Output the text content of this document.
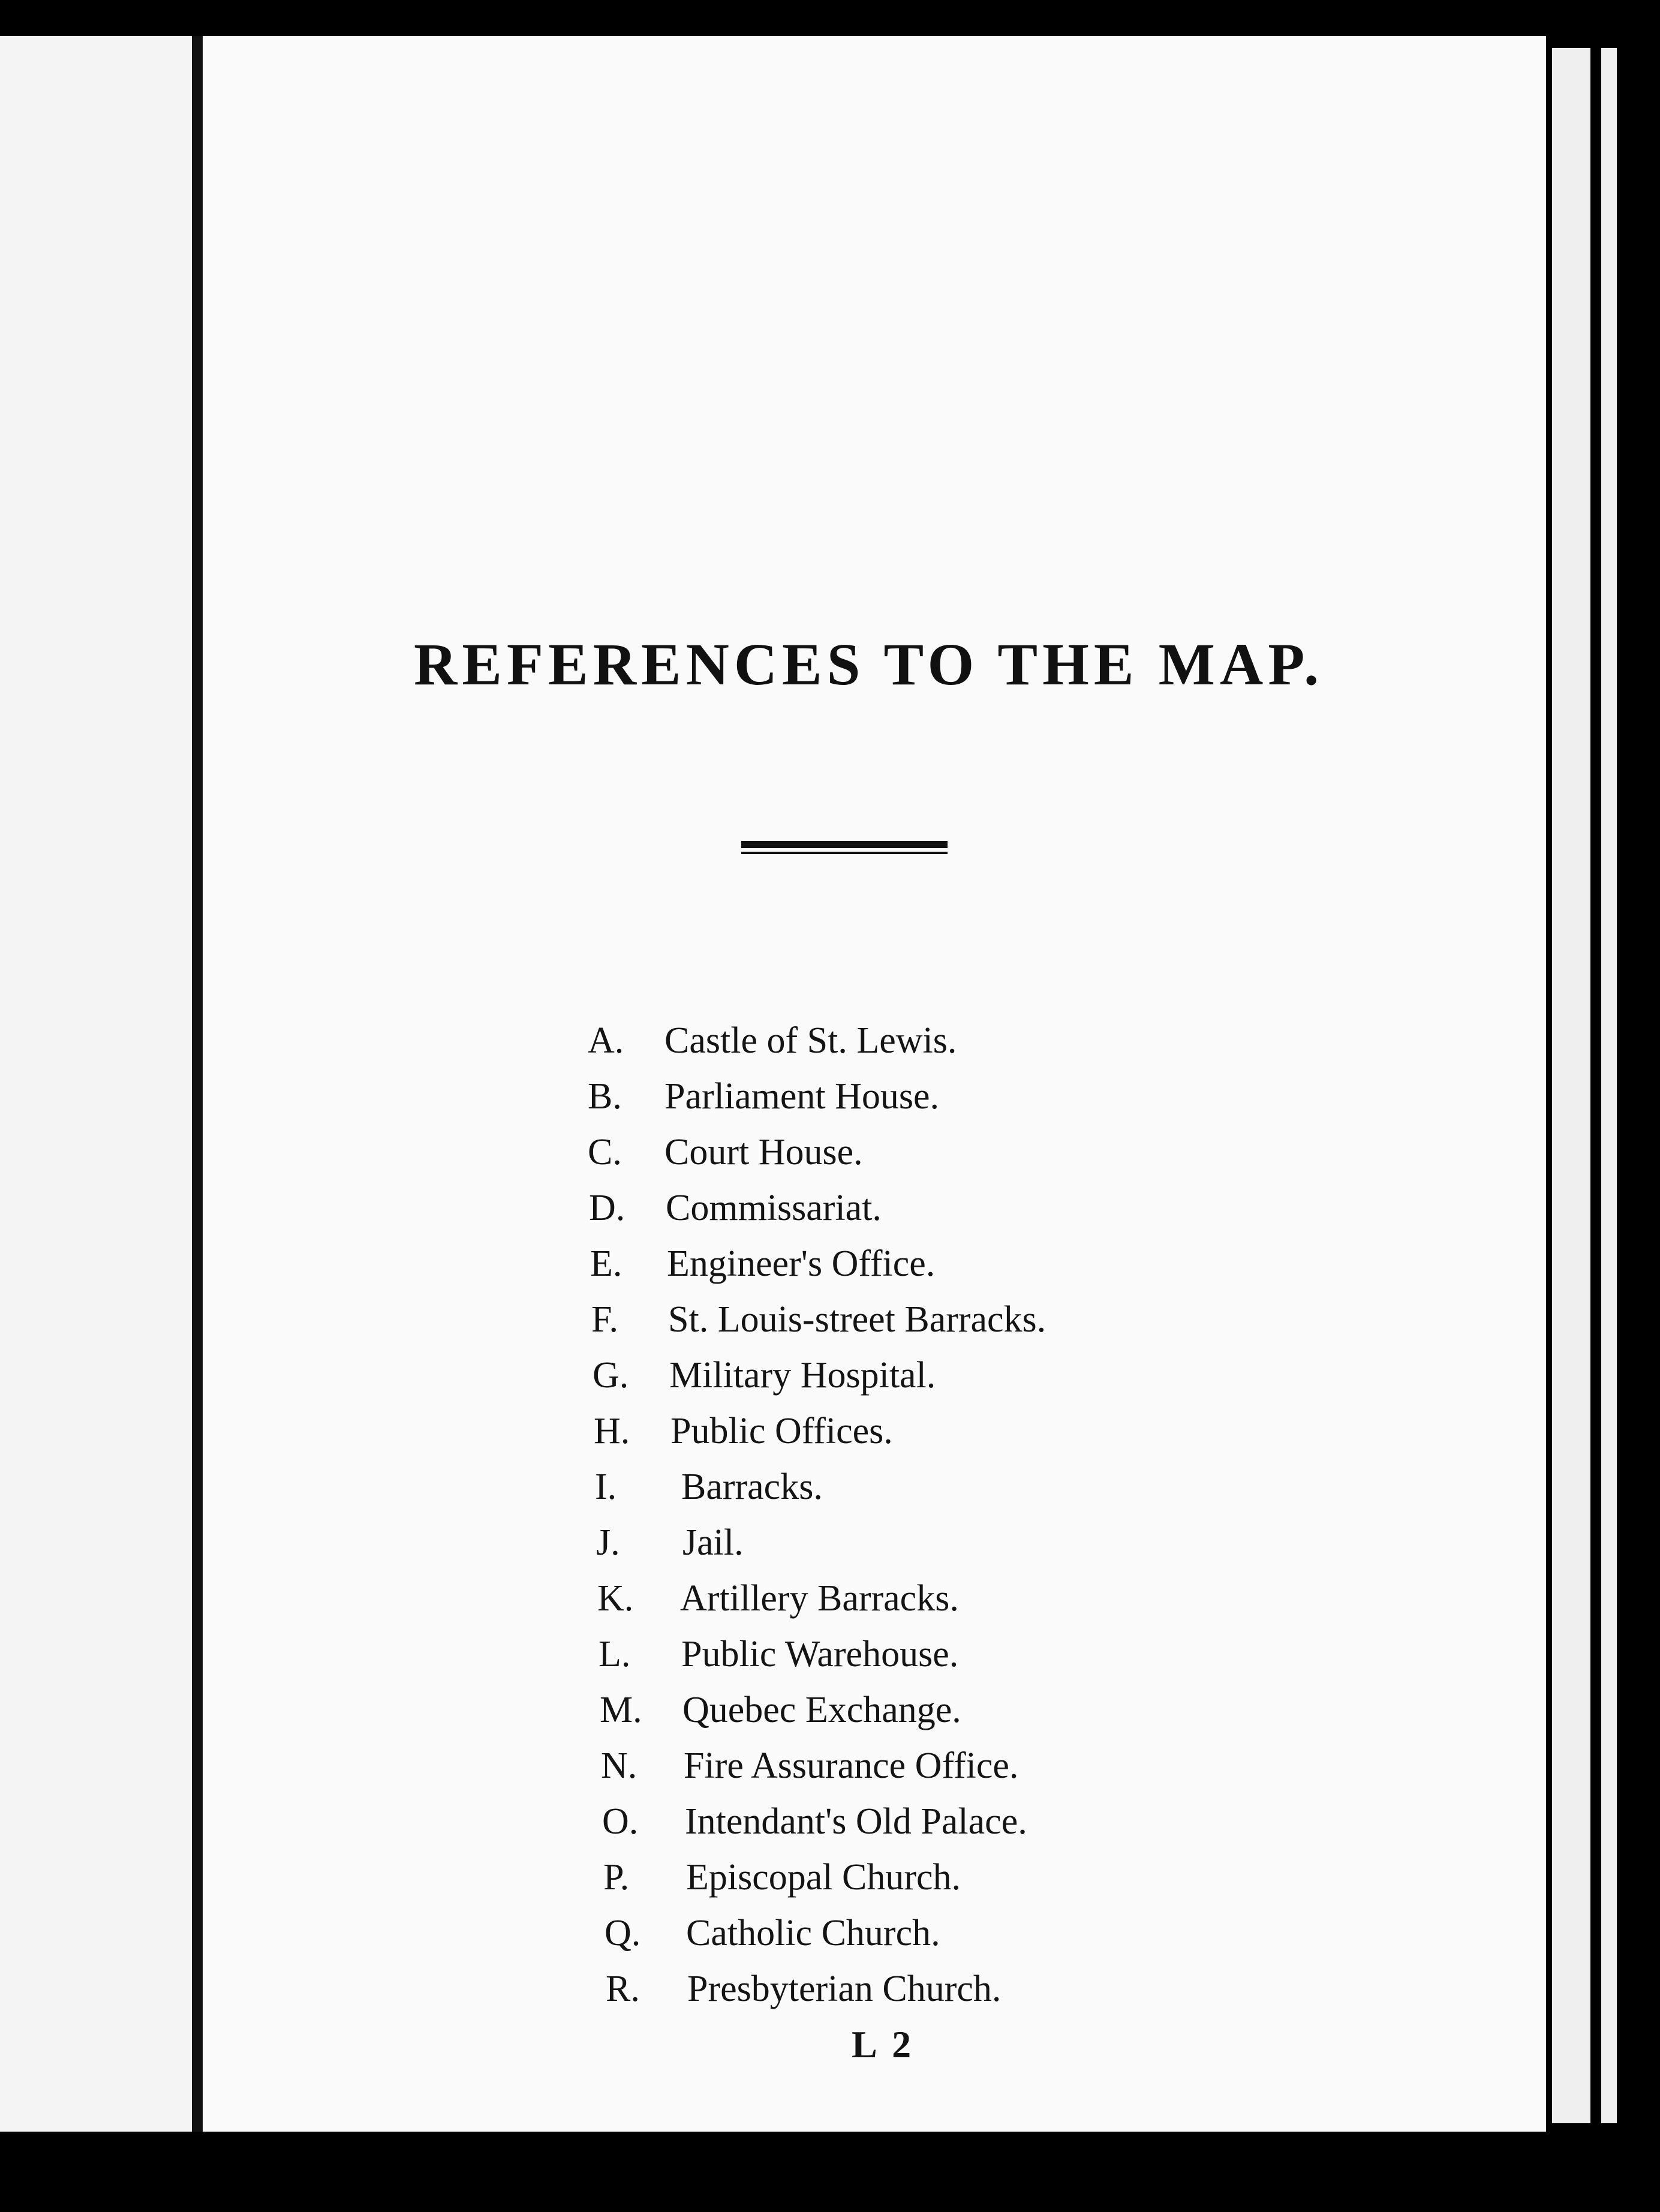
REFERENCES TO THE MAP.
A.	Castle of St. Lewis.
B.	Parliament House.
C.	Court House.
D.	Commissariat.
E.	Engineer's Office.
F.	St. Louis-street Barracks.
G.	Military Hospital.
H.	Public Offices.
I.	Barracks.
J.	Jail.
K.	Artillery Barracks.
L.	Public Warehouse.
M.	Quebec Exchange.
N.	Fire Assurance Office.
O.	Intendant's Old Palace.
P.	Episcopal Church.
Q.	Catholic Church.
R.	Presbyterian Church.
L 2
